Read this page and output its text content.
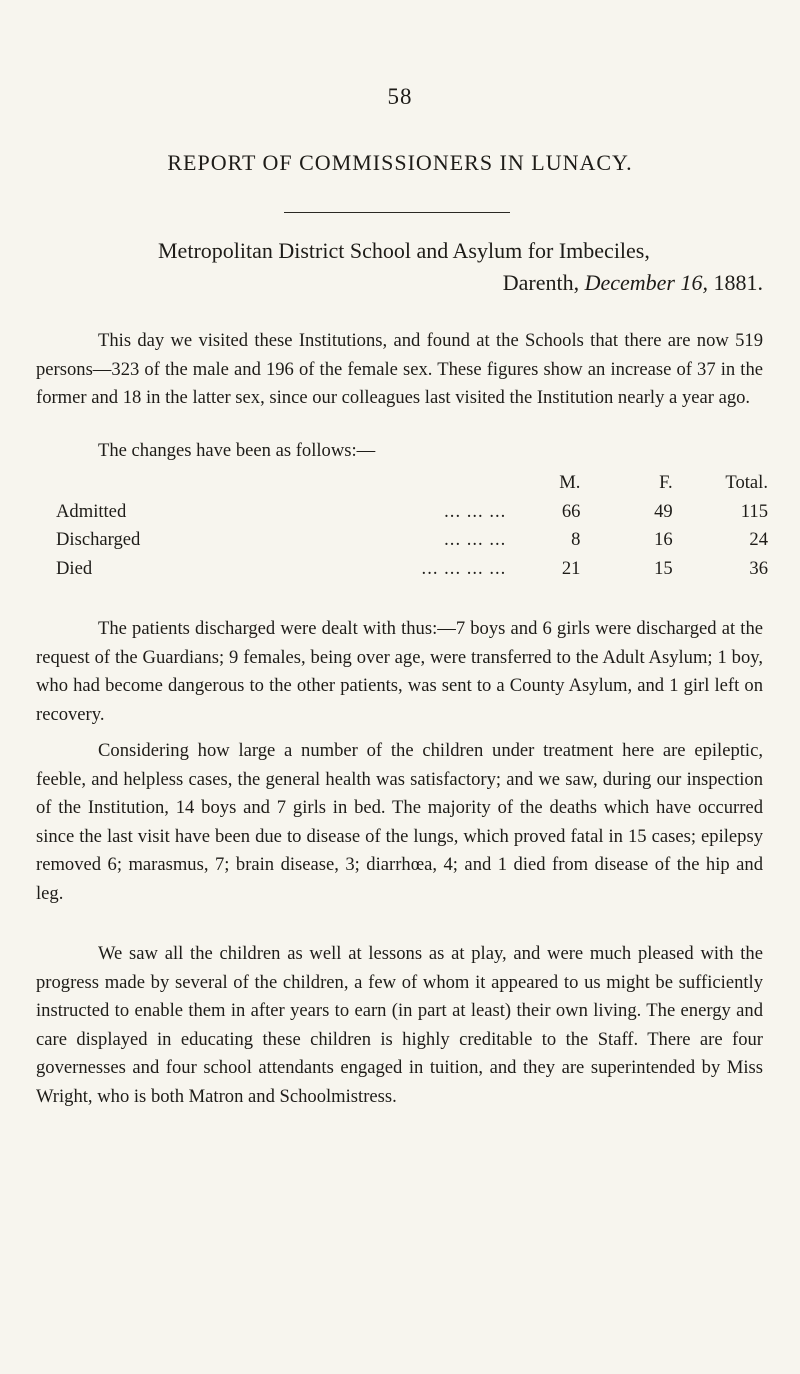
58
REPORT OF COMMISSIONERS IN LUNACY.
Metropolitan District School and Asylum for Imbeciles,
Darenth, December 16, 1881.

This day we visited these Institutions, and found at the Schools that there are now 519 persons—323 of the male and 196 of the female sex. These figures show an increase of 37 in the former and 18 in the latter sex, since our colleagues last visited the Institution nearly a year ago.

The changes have been as follows:—
		M.	F.	Total.
Admitted	... ... ...	66	49	115
Discharged	... ... ...	8	16	24
Died	... ... ... ...	21	15	36

The patients discharged were dealt with thus:—7 boys and 6 girls were discharged at the request of the Guardians; 9 females, being over age, were transferred to the Adult Asylum; 1 boy, who had become dangerous to the other patients, was sent to a County Asylum, and 1 girl left on recovery.

Considering how large a number of the children under treatment here are epileptic, feeble, and helpless cases, the general health was satisfactory; and we saw, during our inspection of the Institution, 14 boys and 7 girls in bed. The majority of the deaths which have occurred since the last visit have been due to disease of the lungs, which proved fatal in 15 cases; epilepsy removed 6; marasmus, 7; brain disease, 3; diarrhœa, 4; and 1 died from disease of the hip and leg.

We saw all the children as well at lessons as at play, and were much pleased with the progress made by several of the children, a few of whom it appeared to us might be sufficiently instructed to enable them in after years to earn (in part at least) their own living. The energy and care displayed in educating these children is highly creditable to the Staff. There are four governesses and four school attendants engaged in tuition, and they are superintended by Miss Wright, who is both Matron and Schoolmistress.
